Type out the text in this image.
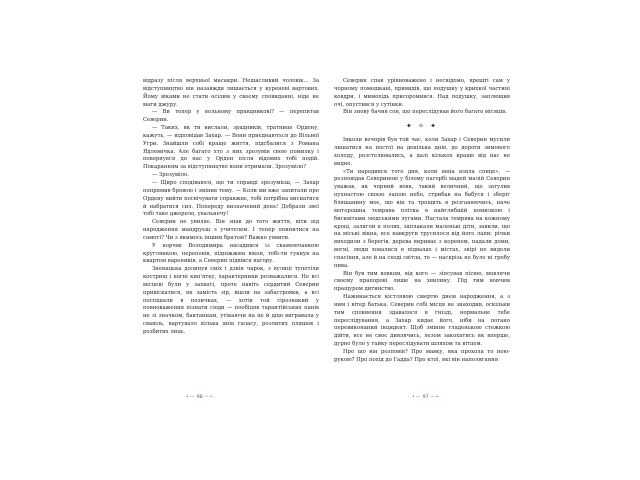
відразу після верхньої масакри. Нещасливий чоловік… За відступництво він назавжди лишається у куреневі вартових. Йому віками не стати осілим у своєму сповиданні, ніде не мати джуру.

— Ви тепер у вольному правдникові? — перепитав Северин.

— Таких, як ти вислали, зрадників, тратнице Ордену, кажуть, — відповідав Захар. — Вони приєднаються до Вільної Угри. Знайшли собі краще життя, підсбалися з Романа Ядлевичка. Але багато хто з них зрозумів свою помилку і повернувся до нас у Орден після відомих тобі подій. Покаранням за відступництво вони отримали. Зрозуміло?

— Зрозуміло.

— Щиро сподіваюся, що ти справді зрозумієш, — Захар попрямив бровою і змінив тему. — Коли ми вже запитали про Ордену вийти посвічувати справжнє, тобі потрібна висиатися й набратися сил. Попереду визначений день! Добрали звеї тобі таке джерело, увальнечу!

Северин не увиляє. Він знав до того життя, віти від народження мандруєш з учителем. І тепер опинитися на самоті? Чи з якимось іншим братом? Важко уявити.

У корчмі Володимира насадився із скамеючанкою круглянкою, переповів, підніжжям вікон, тобі-ти гукнув на квартом вареників, а Северин підвівся нагору.

Зненацька долинув сміх і дзвін чарок, з вулиці тупотіли кострищ і вогні кип'ятку, характерники розважалися. Не всі місцеві були у захваті, проте навіть сердитий Северин привіскатися, як замість зір, йшли на забастровки, а всі поспішали в позичках, — хотів той сірознакий у повноваження пізнати сюди — пообіцяв тарантійських панів не зі значком, бактаннам, утікаючи на це й дщо вигравала у свавіль, вартувало кілька днів галасу, розлитих пляшок і розбитих лиць.

Северин спав урівноважено і несвідомо, врешті сам у чорному помешкані, привидів, що подушку у крихкої частині ковдри, і мимохідь присоромився. Над подушку, заплющив очі, опустився у сутінки.

Він знову бачив сон, що переслідував його багато місяців.

✦ ✧ ✦

Інколи вечорів був той час, коли Захар і Северин мусили лишатися на постої на декілька днів, до дороги зимового холоду, розстелювались, а далі кількох краще від нас не видно.

«Ти народився того дня, коли вона взяла сонце», — розповідав Северинові у білому пагорбі мадей малій Северин уважав, як чорний вовк, такий величний, що затулив пухнастою своєю лапою небо, стрибав на бабуся і зберіг бляшанину моє, що він та трощить в розганяючись, наче моторошна темрява плітка в найглибшій помилкою і бисквітами людськими лугами. Настала темрява на кожному кроці, залягли в полях, заплакали маленькі діти, завили, що на міські вікна, все навкруги трусилося від його лапи: річки виходили з берегів, дерева вириває з коренем, падали доми, вогні, люди ховалися в підвалах і містах, звірі не видели спасіння, але й на сході світла, то — наскрізь не було ні гробу пива.

Він був тим вовком, від кого — зіпсував пісню, мовлячи своєму прапорові лише на хвилину. Під тим вовчим пращуром дитинство.

Нажинається кістлявою смертю днем народження, а з ним і вітер батька. Северин собі місця не знаходив, оскільки тим сповнення здавалося в гнізді, нормальне тебе переслідування, а Захар кидає його, ніби на погано перевиконаний інцидент. Щоб змінне гладенькою стежкою дійти, все не своє дивлячись, лезом закохатись як вперше, дурно було у гайку переслідувати шляхом та вітцем.

Про що він розповів? Про мавку, яка прохола то ною-рукою? Про похід до Гадда? Про ктої, які він наполягання

•— 98 —•	•— 97 —•
